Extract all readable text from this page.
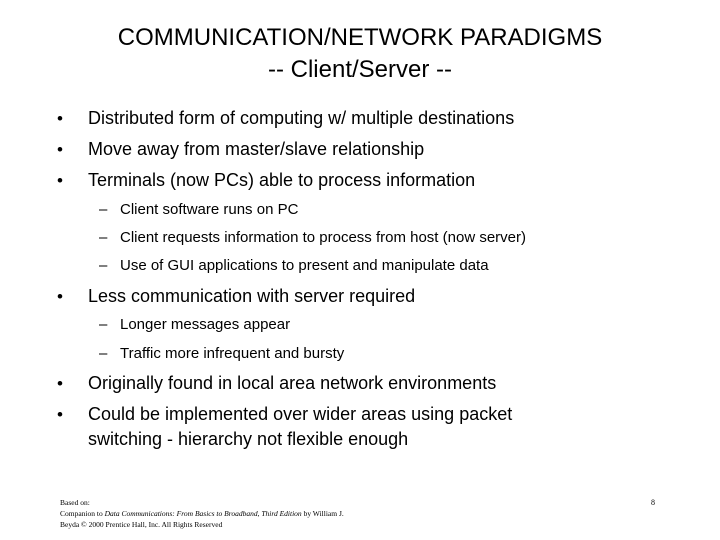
COMMUNICATION/NETWORK PARADIGMS
-- Client/Server --
• Distributed form of computing w/ multiple destinations
• Move away from master/slave relationship
• Terminals (now PCs) able to process information
– Client software runs on PC
– Client requests information to process from host (now server)
– Use of GUI applications to present and manipulate data
• Less communication with server required
– Longer messages appear
– Traffic more infrequent and bursty
• Originally found in local area network environments
• Could be implemented over wider areas using packet
switching - hierarchy not flexible enough
Based on:
Companion to Data Communications: From Basics to Broadband, Third Edition by William J.
Beyda © 2000 Prentice Hall, Inc. All Rights Reserved
8
